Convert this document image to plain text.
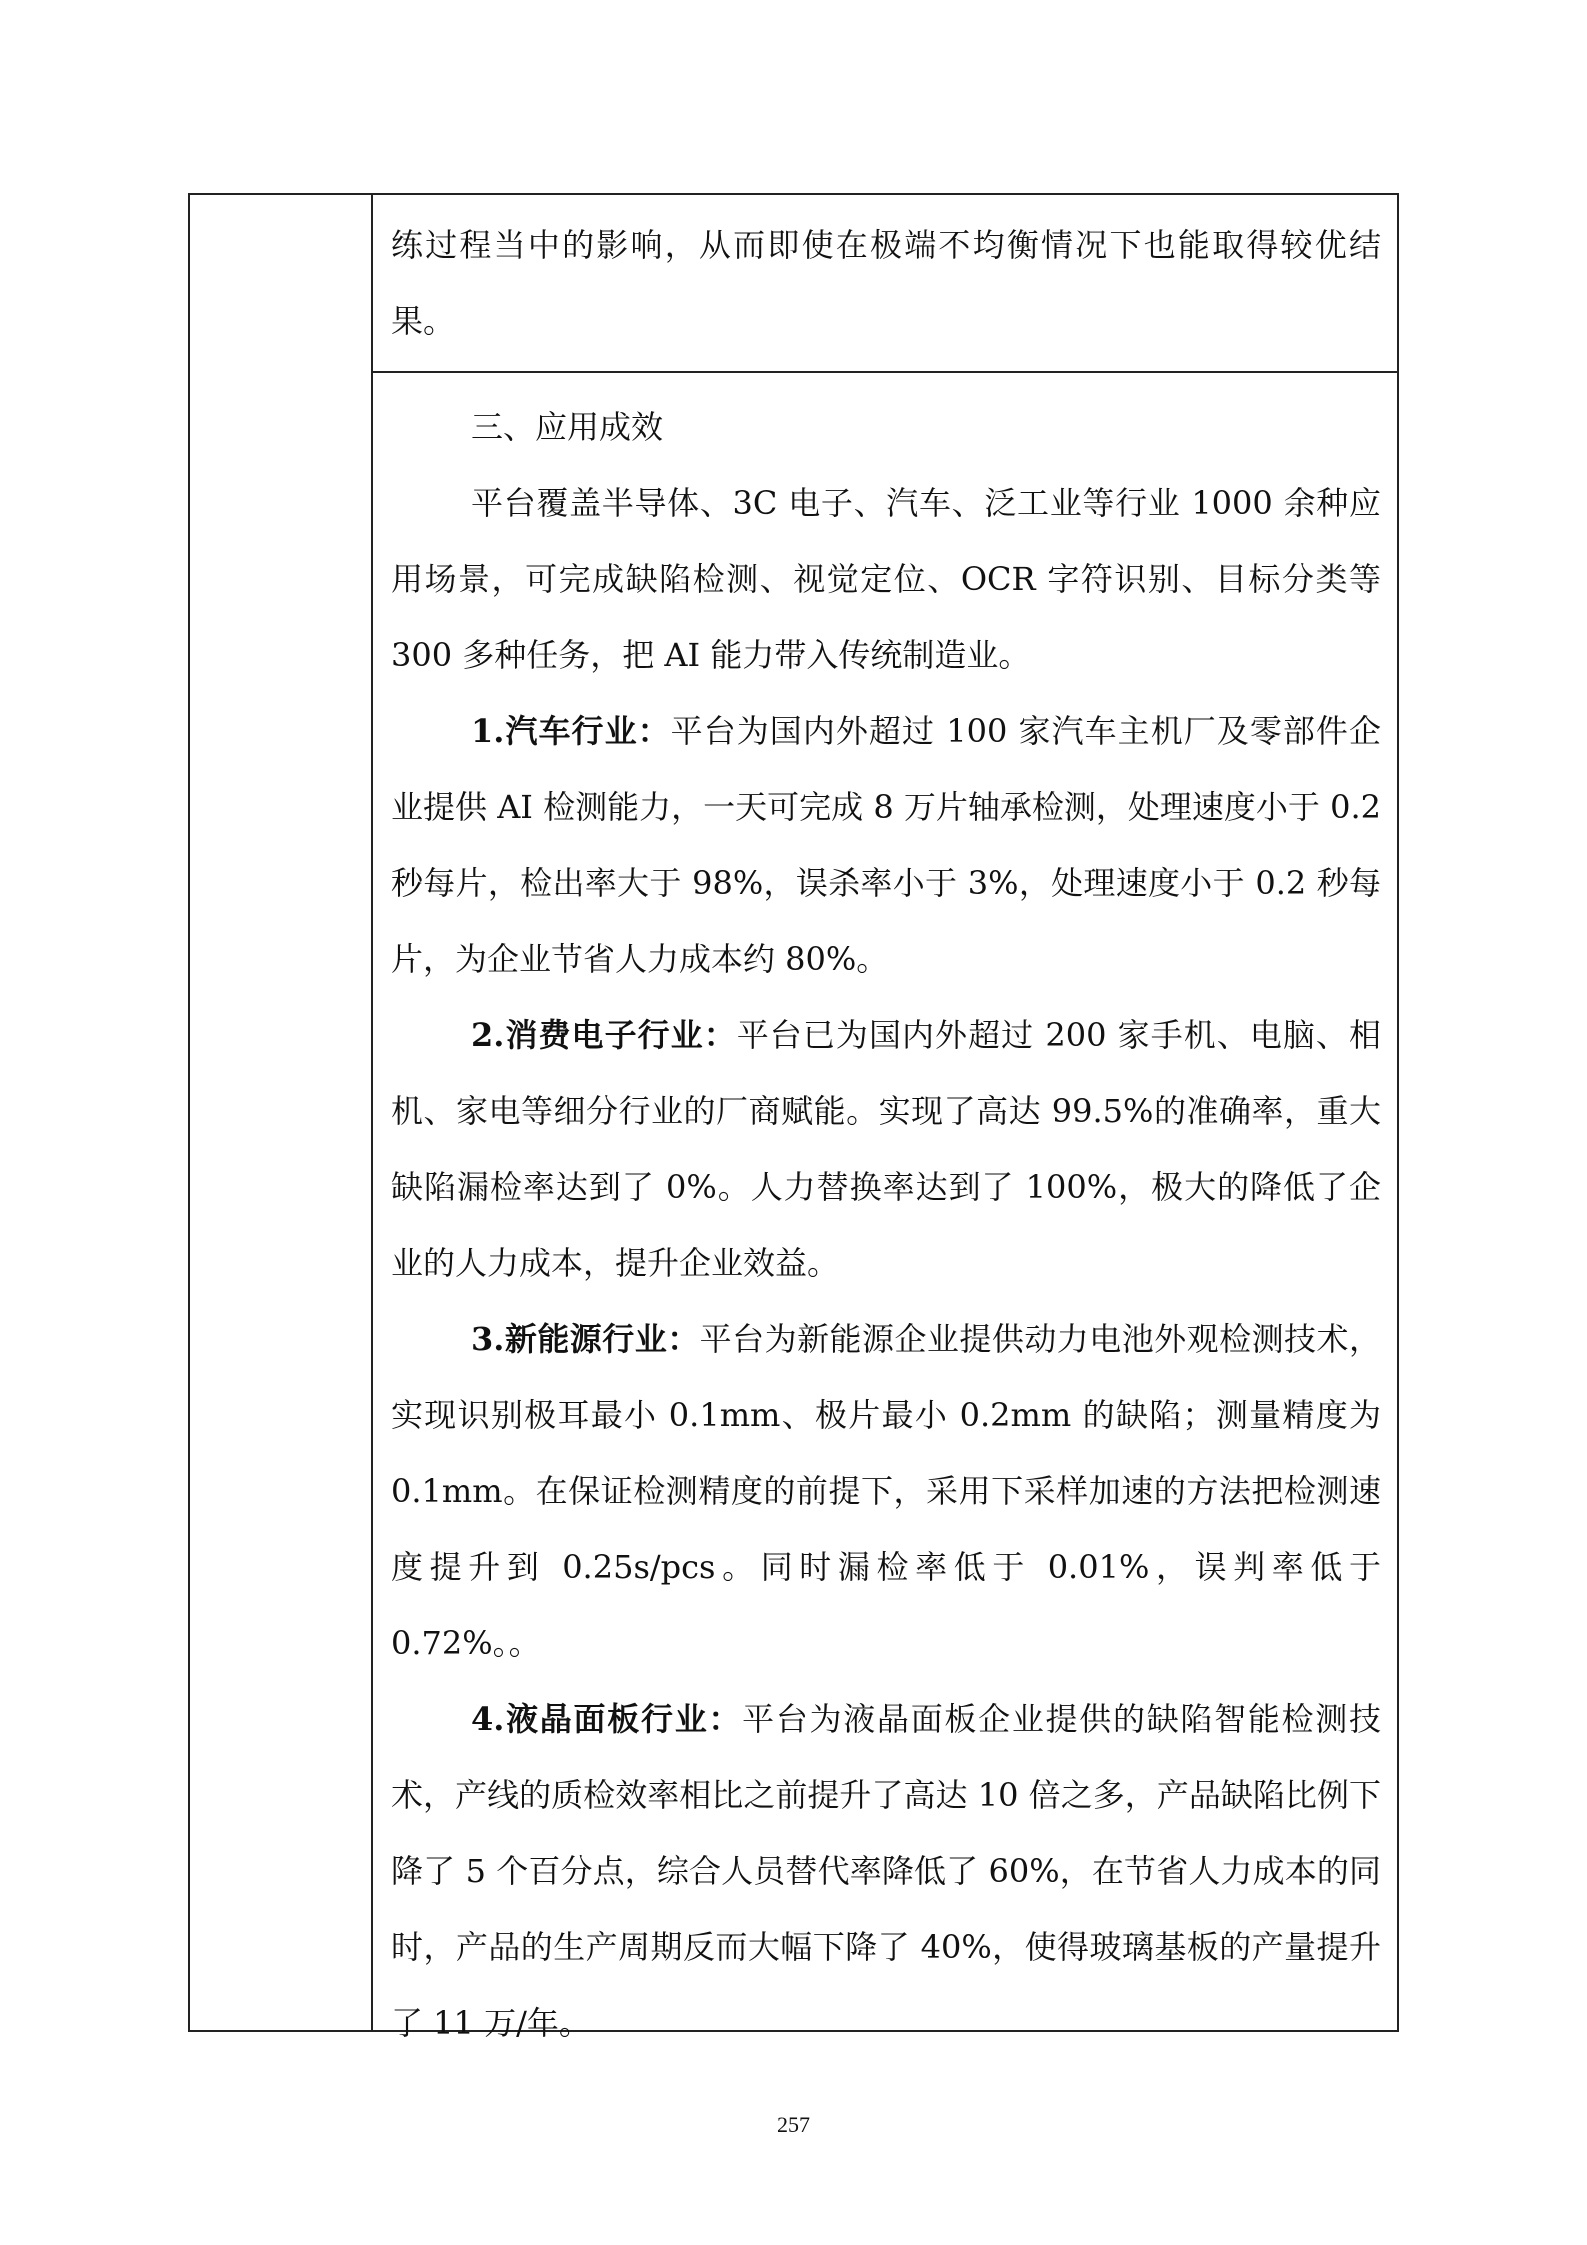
练过程当中的影响，从而即使在极端不均衡情况下也能取得较优结果。

三、应用成效

平台覆盖半导体、3C 电子、汽车、泛工业等行业 1000 余种应用场景，可完成缺陷检测、视觉定位、OCR 字符识别、目标分类等 300 多种任务，把 AI 能力带入传统制造业。

1.汽车行业：平台为国内外超过 100 家汽车主机厂及零部件企业提供 AI 检测能力，一天可完成 8 万片轴承检测，处理速度小于 0.2 秒每片，检出率大于 98%，误杀率小于 3%，处理速度小于 0.2 秒每片，为企业节省人力成本约 80%。

2.消费电子行业：平台已为国内外超过 200 家手机、电脑、相机、家电等细分行业的厂商赋能。实现了高达 99.5%的准确率，重大缺陷漏检率达到了 0%。人力替换率达到了 100%，极大的降低了企业的人力成本，提升企业效益。

3.新能源行业：平台为新能源企业提供动力电池外观检测技术，实现识别极耳最小 0.1mm、极片最小 0.2mm 的缺陷；测量精度为 0.1mm。在保证检测精度的前提下，采用下采样加速的方法把检测速度提升到 0.25s/pcs。同时漏检率低于 0.01%，误判率低于 0.72%。。

4.液晶面板行业：平台为液晶面板企业提供的缺陷智能检测技术，产线的质检效率相比之前提升了高达 10 倍之多，产品缺陷比例下降了 5 个百分点，综合人员替代率降低了 60%，在节省人力成本的同时，产品的生产周期反而大幅下降了 40%，使得玻璃基板的产量提升了 11 万/年。

257
